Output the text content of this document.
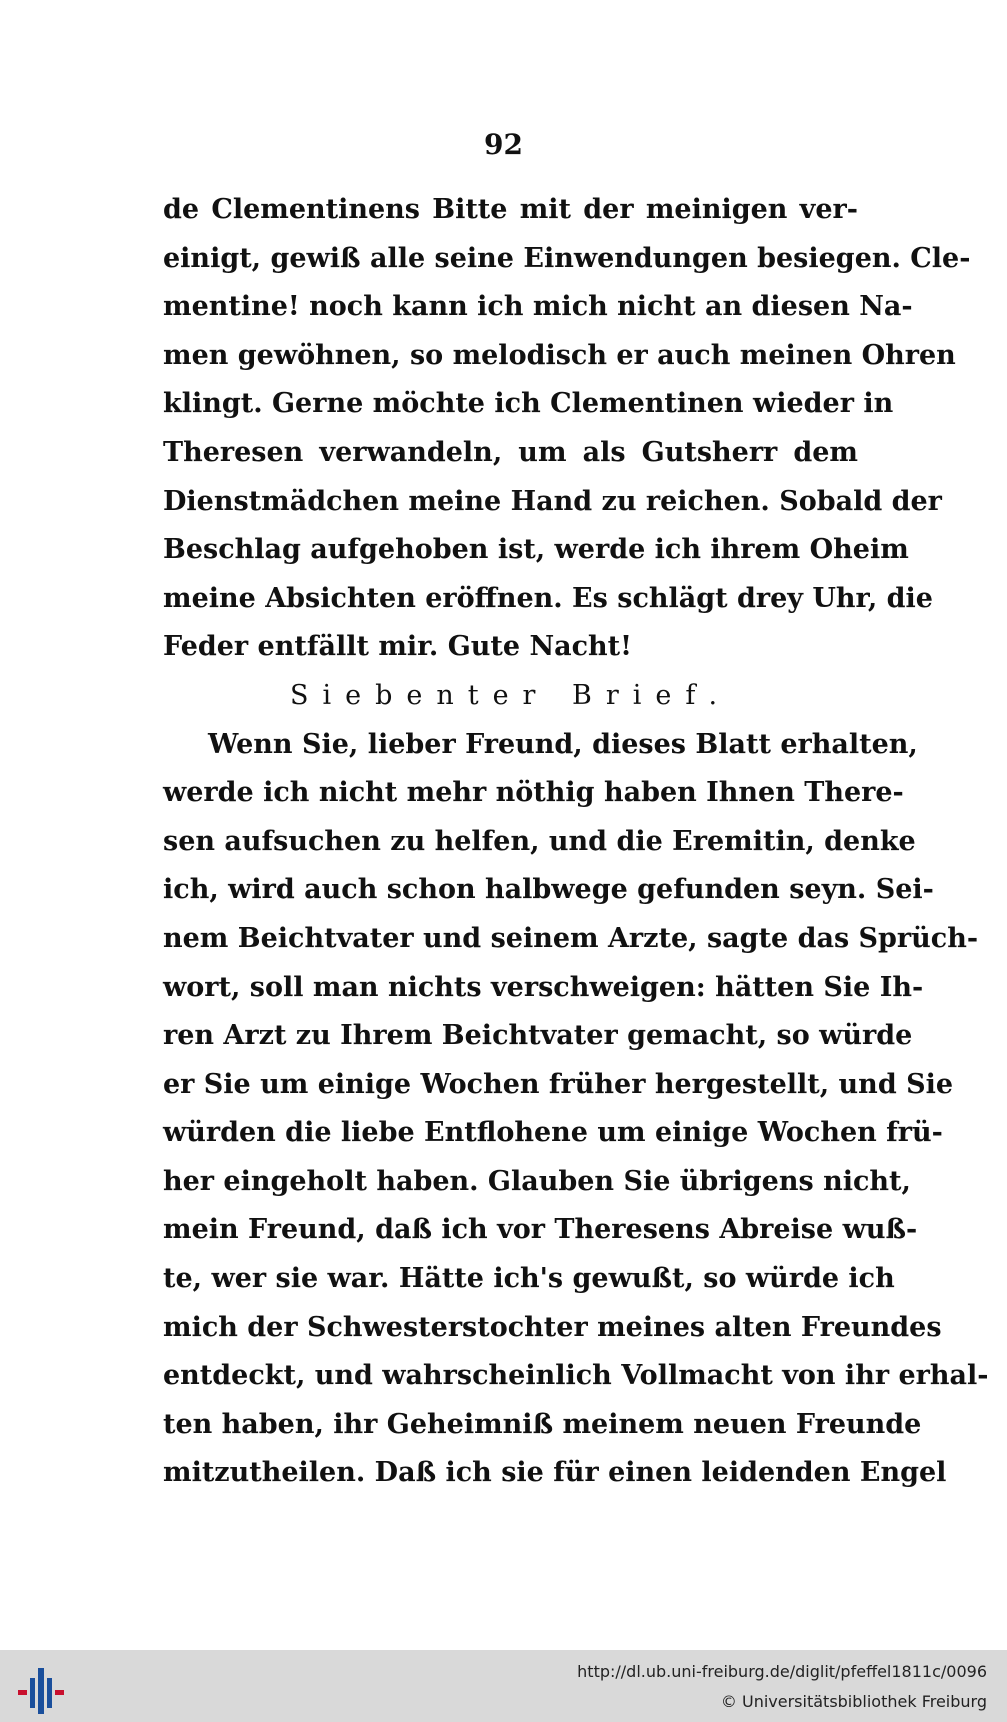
92
de Clementinens Bitte mit der meinigen ver-
einigt, gewiß alle seine Einwendungen besiegen. Cle-
mentine! noch kann ich mich nicht an diesen Na-
men gewöhnen, so melodisch er auch meinen Ohren
klingt. Gerne möchte ich Clementinen wieder in
Theresen verwandeln, um als Gutsherr dem
Dienstmädchen meine Hand zu reichen. Sobald der
Beschlag aufgehoben ist, werde ich ihrem Oheim
meine Absichten eröffnen. Es schlägt drey Uhr, die
Feder entfällt mir. Gute Nacht!
Siebenter Brief.
Wenn Sie, lieber Freund, dieses Blatt erhalten,
werde ich nicht mehr nöthig haben Ihnen There-
sen aufsuchen zu helfen, und die Eremitin, denke
ich, wird auch schon halbwege gefunden seyn. Sei-
nem Beichtvater und seinem Arzte, sagte das Sprüch-
wort, soll man nichts verschweigen: hätten Sie Ih-
ren Arzt zu Ihrem Beichtvater gemacht, so würde
er Sie um einige Wochen früher hergestellt, und Sie
würden die liebe Entflohene um einige Wochen frü-
her eingeholt haben. Glauben Sie übrigens nicht,
mein Freund, daß ich vor Theresens Abreise wuß-
te, wer sie war. Hätte ich's gewußt, so würde ich
mich der Schwesterstochter meines alten Freundes
entdeckt, und wahrscheinlich Vollmacht von ihr erhal-
ten haben, ihr Geheimniß meinem neuen Freunde
mitzutheilen. Daß ich sie für einen leidenden Engel
http://dl.ub.uni-freiburg.de/diglit/pfeffel1811c/0096
© Universitätsbibliothek Freiburg
